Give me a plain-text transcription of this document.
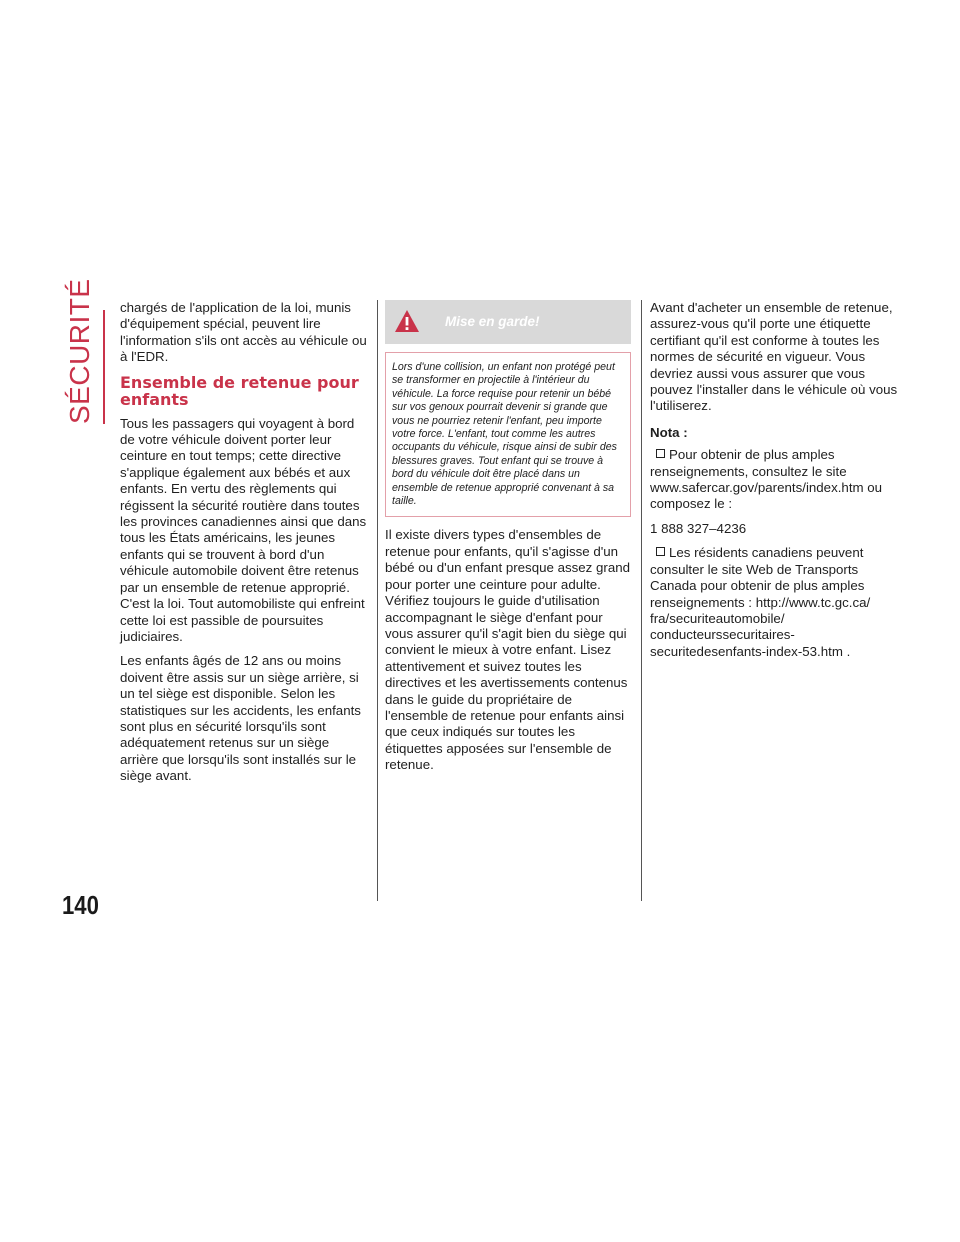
SÉCURITÉ
140

chargés de l'application de la loi, munis d'équipement spécial, peuvent lire l'information s'ils ont accès au véhicule ou à l'EDR.

Ensemble de retenue pour enfants

Tous les passagers qui voyagent à bord de votre véhicule doivent porter leur ceinture en tout temps; cette directive s'applique également aux bébés et aux enfants. En vertu des règlements qui régissent la sécurité routière dans toutes les provinces canadiennes ainsi que dans tous les États américains, les jeunes enfants qui se trouvent à bord d'un véhicule automobile doivent être retenus par un ensemble de retenue approprié. C'est la loi. Tout automobiliste qui enfreint cette loi est passible de poursuites judiciaires.

Les enfants âgés de 12 ans ou moins doivent être assis sur un siège arrière, si un tel siège est disponible. Selon les statistiques sur les accidents, les enfants sont plus en sécurité lorsqu'ils sont adéquatement retenus sur un siège arrière que lorsqu'ils sont installés sur le siège avant.

Mise en garde!
Lors d'une collision, un enfant non protégé peut se transformer en projectile à l'intérieur du véhicule. La force requise pour retenir un bébé sur vos genoux pourrait devenir si grande que vous ne pourriez retenir l'enfant, peu importe votre force. L'enfant, tout comme les autres occupants du véhicule, risque ainsi de subir des blessures graves. Tout enfant qui se trouve à bord du véhicule doit être placé dans un ensemble de retenue approprié convenant à sa taille.

Il existe divers types d'ensembles de retenue pour enfants, qu'il s'agisse d'un bébé ou d'un enfant presque assez grand pour porter une ceinture pour adulte. Vérifiez toujours le guide d'utilisation accompagnant le siège d'enfant pour vous assurer qu'il s'agit bien du siège qui convient le mieux à votre enfant. Lisez attentivement et suivez toutes les directives et les avertissements contenus dans le guide du propriétaire de l'ensemble de retenue pour enfants ainsi que ceux indiqués sur toutes les étiquettes apposées sur l'ensemble de retenue.

Avant d'acheter un ensemble de retenue, assurez-vous qu'il porte une étiquette certifiant qu'il est conforme à toutes les normes de sécurité en vigueur. Vous devriez aussi vous assurer que vous pouvez l'installer dans le véhicule où vous l'utiliserez.

Nota :

Pour obtenir de plus amples renseignements, consultez le site www.safercar.gov/parents/index.htm ou composez le :

1 888 327–4236

Les résidents canadiens peuvent consulter le site Web de Transports Canada pour obtenir de plus amples renseignements : http://www.tc.gc.ca/ fra/securiteautomobile/ conducteurssecuritaires- securitedesenfants-index-53.htm .
